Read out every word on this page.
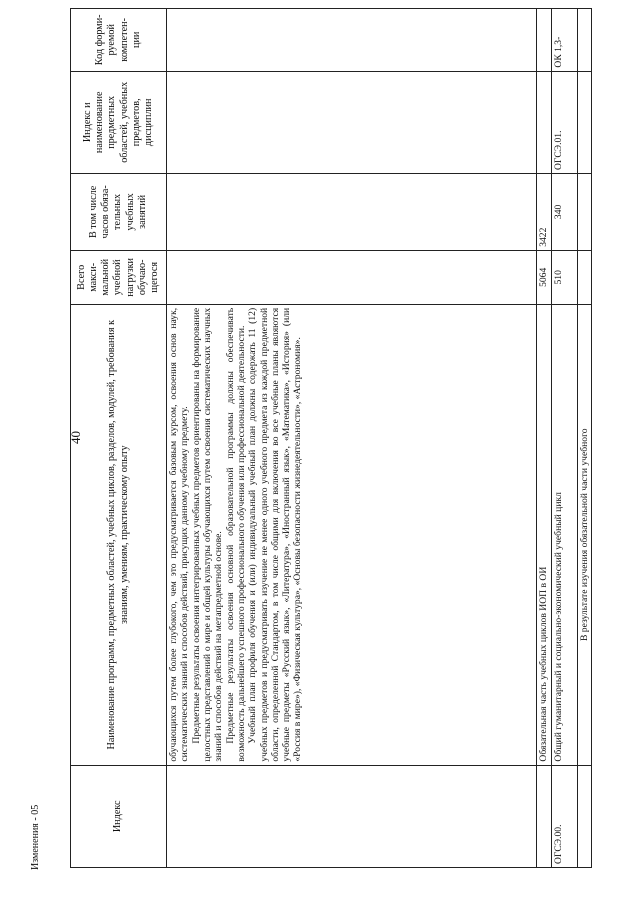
40
Изменения - 05	Индекс	Наименование программ, предметных областей, учебных циклов, разделов, модулей, требования к знаниям, умениям, практическому опыту	Всего макси-мальной учебной нагрузки обучаю-щегося	В том числе часов обяза-тельных учебных занятий	Индекс и наименование предметных областей, учебных предметов, дисциплин	Код форми-руемой компетен-ции

	обучающихся путем более глубокого, чем это предусматривается базовым курсом, освоения основ наук, систематических знаний и способов действий, присущих данному учебному предмету. Предметные результаты освоения интегрированных учебных предметов ориентированы на формирование целостных представлений о мире и общей культуры обучающихся путем освоения систематических научных знаний и способов действий на метапредметной основе. Предметные результаты освоения основной образовательной программы должны обеспечивать возможность дальнейшего успешного профессионального обучения или профессиональной деятельности. Учебный план профиля обучения и (или) индивидуальный учебный план должны содержать 11 (12) учебных предметов и предусматривать изучение не менее одного учебного предмета из каждой предметной области, определенной Стандартом, в том числе общими для включения во все учебные планы являются учебные предметы «Русский язык», «Литература», «Иностранный язык», «Математика», «История» (или «Россия в мире»), «Физическая культура», «Основы безопасности жизнедеятельности», «Астрономия».				

	Обязательная часть учебных циклов ИОП в ОИ	5064	3422		
ОГСЭ.00.	Общий гуманитарный и социально-экономический учебный цикл	510	340	ОГСЭ.01.	ОК 1,3-
	В результате изучения обязательной части учебного				
